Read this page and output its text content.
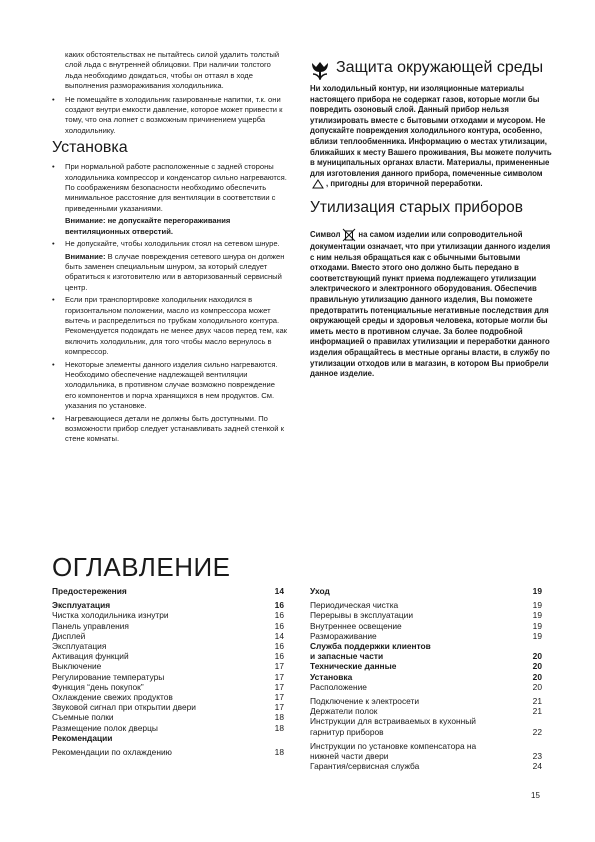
каких обстоятельствах не пытайтесь силой удалить толстый слой льда с внутренней облицовки. При наличии толстого льда необходимо дождаться, чтобы он оттаял в ходе выполнения размораживания холодильника.

• Не помещайте в холодильник газированные напитки, т.к. они создают внутри емкости давление, которое может привести к тому, что она лопнет с возможным причинением ущерба холодильнику.

Установка

• При нормальной работе расположенные с задней стороны холодильника компрессор и конденсатор сильно нагреваются. По соображениям безопасности необходимо обеспечить минимальное расстояние для вентиляции в соответствии с приведенными указаниями.

Внимание: не допускайте перегораживания вентиляционных отверстий.

• Не допускайте, чтобы холодильник стоял на сетевом шнуре.

Внимание: В случае повреждения сетевого шнура он должен быть заменен специальным шнуром, за который следует обратиться к изготовителю или в авторизованный сервисный центр.

• Если при транспортировке холодильник находился в горизонтальном положении, масло из компрессора может вытечь и распределиться по трубкам холодильного контура. Рекомендуется подождать не менее двух часов перед тем, как включить холодильник, для того чтобы масло вернулось в компрессор.

• Некоторые элементы данного изделия сильно нагреваются. Необходимо обеспечение надлежащей вентиляции холодильника, в противном случае возможно повреждение его компонентов и порча хранящихся в нем продуктов. См. указания по установке.

• Нагревающиеся детали не должны быть доступными. По возможности прибор следует устанавливать задней стенкой к стене комнаты.

Защита окружающей среды

Ни холодильный контур, ни изоляционные материалы настоящего прибора не содержат газов, которые могли бы повредить озоновый слой. Данный прибор нельзя утилизировать вместе с бытовыми отходами и мусором. Не допускайте повреждения холодильного контура, особенно, вблизи теплообменника. Информацию о местах утилизации, ближайших к месту Вашего проживания, Вы можете получить в муниципальных органах власти. Материалы, примененные для изготовления данного прибора, помеченные символом, пригодны для вторичной переработки.

Утилизация старых приборов

Символ на самом изделии или сопроводительной документации означает, что при утилизации данного изделия с ним нельзя обращаться как с обычными бытовыми отходами. Вместо этого оно должно быть передано в соответствующий пункт приема подлежащего утилизации электрического и электронного оборудования. Обеспечив правильную утилизацию данного изделия, Вы поможете предотвратить потенциальные негативные последствия для окружающей среды и здоровья человека, которые могли бы иметь место в противном случае. За более подробной информацией о правилах утилизации и переработки данного изделия обращайтесь в местные органы власти, в службу по утилизации отходов или в магазин, в котором Вы приобрели данное изделие.

ОГЛАВЛЕНИЕ
Предостережения	14
Эксплуатация	16
Чистка холодильника изнутри	16
Панель управления	16
Дисплей	14
Эксплуатация	16
Активация функций	16
Выключение	17
Регулирование температуры	17
Функция “день покупок”	17
Охлаждение свежих продуктов	17
Звуковой сигнал при открытии двери	17
Съемные полки	18
Размещение полок дверцы	18
Рекомендации
Рекомендации по охлаждению	18
Уход	19
Периодическая чистка	19
Перерывы в эксплуатации	19
Внутреннее освещение	19
Размораживание	19
Служба поддержки клиентов
и запасные части	20
Технические данные	20
Установка	20
Расположение	20
Подключение к электросети	21
Держатели полок	21
Инструкции для встраиваемых в кухонный
гарнитур приборов	22
Инструкции по установке компенсатора на
нижней части двери	23
Гарантия/сервисная служба	24
15
